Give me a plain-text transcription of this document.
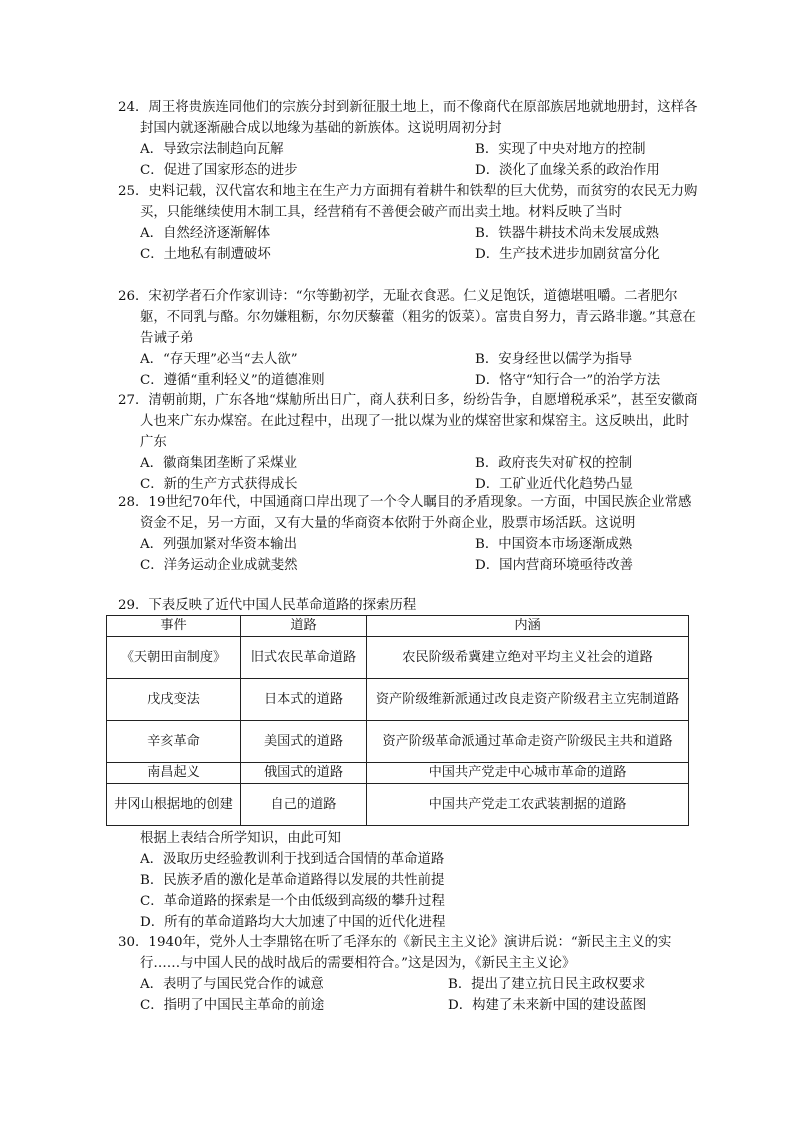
24．周王将贵族连同他们的宗族分封到新征服土地上，而不像商代在原部族居地就地册封，这样各封国内就逐渐融合成以地缘为基础的新族体。这说明周初分封

A．导致宗法制趋向瓦解	B．实现了中央对地方的控制
C．促进了国家形态的进步	D．淡化了血缘关系的政治作用

25．史料记载，汉代富农和地主在生产力方面拥有着耕牛和铁犁的巨大优势，而贫穷的农民无力购买，只能继续使用木制工具，经营稍有不善便会破产而出卖土地。材料反映了当时

A．自然经济逐渐解体	B．铁器牛耕技术尚未发展成熟
C．土地私有制遭破坏	D．生产技术进步加剧贫富分化

26．宋初学者石介作家训诗：“尔等勤初学，无耻衣食恶。仁义足饱饫，道德堪咀嚼。二者肥尔躯，不同乳与酪。尔勿嫌粗粝，尔勿厌藜藿（粗劣的饭菜）。富贵自努力，青云路非邈。”其意在告诫子弟

A．“存天理”必当“去人欲”	B．安身经世以儒学为指导
C．遵循“重利轻义”的道德准则	D．恪守“知行合一”的治学方法

27．清朝前期，广东各地“煤觔所出日广，商人获利日多，纷纷告争，自愿增税承采”，甚至安徽商人也来广东办煤窑。在此过程中，出现了一批以煤为业的煤窑世家和煤窑主。这反映出，此时广东

A．徽商集团垄断了采煤业	B．政府丧失对矿权的控制
C．新的生产方式获得成长	D．工矿业近代化趋势凸显

28．19世纪70年代，中国通商口岸出现了一个令人瞩目的矛盾现象。一方面，中国民族企业常感资金不足，另一方面，又有大量的华商资本依附于外商企业，股票市场活跃。这说明

A．列强加紧对华资本输出	B．中国资本市场逐渐成熟
C．洋务运动企业成就斐然	D．国内营商环境亟待改善

29．下表反映了近代中国人民革命道路的探索历程

事件	道路	内涵
《天朝田亩制度》	旧式农民革命道路	农民阶级希冀建立绝对平均主义社会的道路
戊戌变法	日本式的道路	资产阶级维新派通过改良走资产阶级君主立宪制道路
辛亥革命	美国式的道路	资产阶级革命派通过革命走资产阶级民主共和道路
南昌起义	俄国式的道路	中国共产党走中心城市革命的道路
井冈山根据地的创建	自己的道路	中国共产党走工农武装割据的道路
根据上表结合所学知识，由此可知
A．汲取历史经验教训利于找到适合国情的革命道路
B．民族矛盾的激化是革命道路得以发展的共性前提
C．革命道路的探索是一个由低级到高级的攀升过程
D．所有的革命道路均大大加速了中国的近代化进程

30．1940年，党外人士李鼎铭在听了毛泽东的《新民主主义论》演讲后说：“新民主主义的实行……与中国人民的战时战后的需要相符合。”这是因为，《新民主主义论》

A．表明了与国民党合作的诚意	B．提出了建立抗日民主政权要求
C．指明了中国民主革命的前途	D．构建了未来新中国的建设蓝图
